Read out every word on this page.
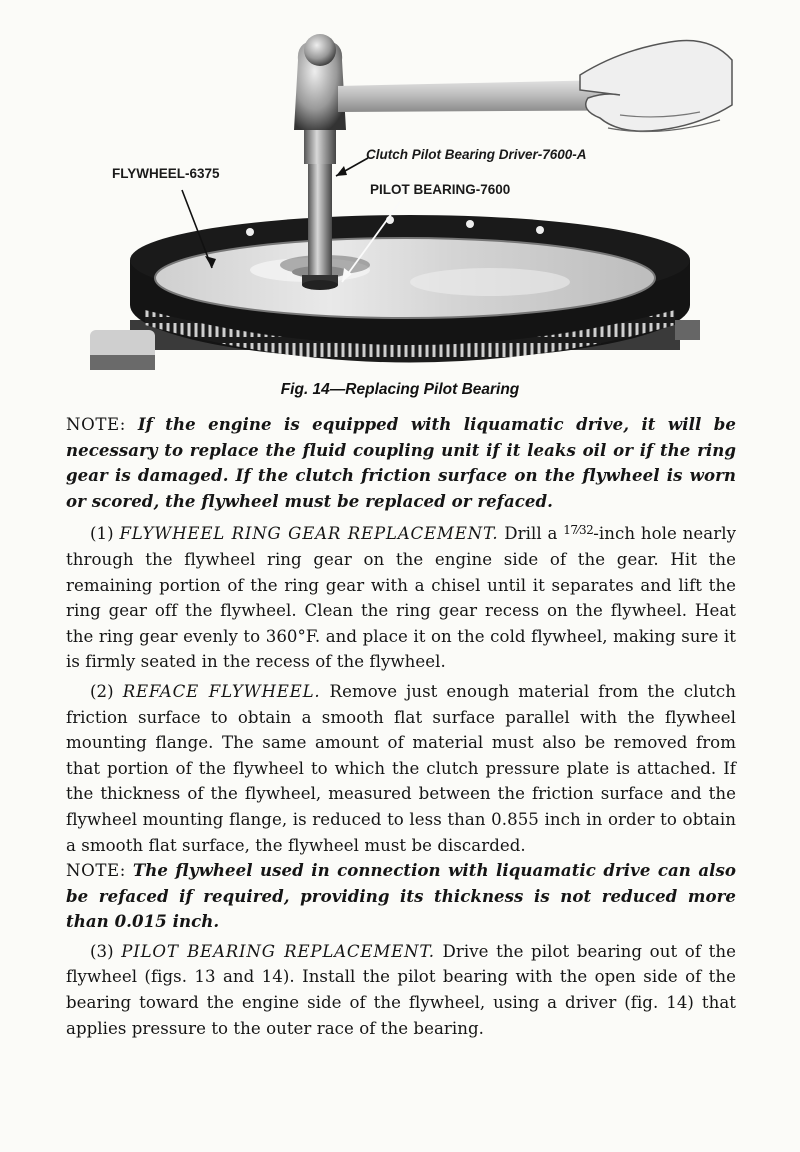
FLYWHEEL-6375
Clutch Pilot Bearing Driver-7600-A
PILOT BEARING-7600
Fig. 14—Replacing Pilot Bearing

NOTE: If the engine is equipped with liquamatic drive, it will be necessary to replace the fluid coupling unit if it leaks oil or if the ring gear is damaged. If the clutch friction surface on the flywheel is worn or scored, the flywheel must be replaced or refaced.

(1) FLYWHEEL RING GEAR REPLACEMENT. Drill a $^{17⁄32}$-inch hole nearly through the flywheel ring gear on the engine side of the gear. Hit the remaining portion of the ring gear with a chisel until it separates and lift the ring gear off the flywheel. Clean the ring gear recess on the flywheel. Heat the ring gear evenly to 360°F. and place it on the cold flywheel, making sure it is firmly seated in the recess of the flywheel.

(2) REFACE FLYWHEEL. Remove just enough material from the clutch friction surface to obtain a smooth flat surface parallel with the flywheel mounting flange. The same amount of material must also be removed from that portion of the flywheel to which the clutch pressure plate is attached. If the thickness of the flywheel, measured between the friction surface and the flywheel mounting flange, is reduced to less than 0.855 inch in order to obtain a smooth flat surface, the flywheel must be discarded.

NOTE: The flywheel used in connection with liquamatic drive can also be refaced if required, providing its thickness is not reduced more than 0.015 inch.

(3) PILOT BEARING REPLACEMENT. Drive the pilot bearing out of the flywheel (figs. 13 and 14). Install the pilot bearing with the open side of the bearing toward the engine side of the flywheel, using a driver (fig. 14) that applies pressure to the outer race of the bearing.
